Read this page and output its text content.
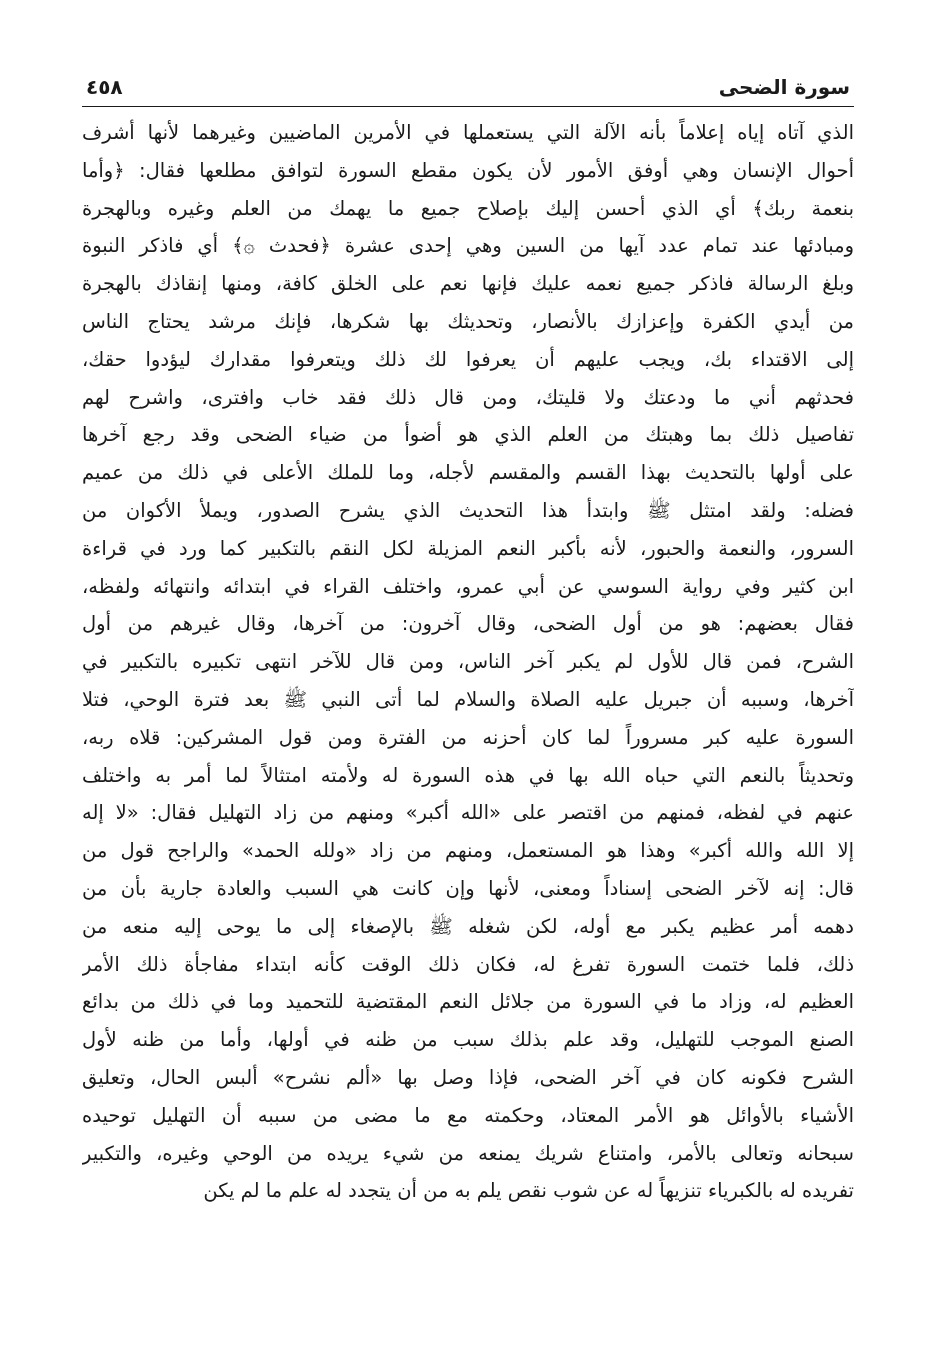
سورة الضحى
٤٥٨
الذي آتاه إياه إعلاماً بأنه الآلة التي يستعملها في الأمرين الماضيين وغيرهما لأنها أشرف
أحوال الإنسان وهي أوفق الأمور لأن يكون مقطع السورة لتوافق مطلعها فقال: ﴿وأما
بنعمة ربك﴾ أي الذي أحسن إليك بإصلاح جميع ما يهمك من العلم وغيره وبالهجرة
ومبادئها عند تمام عدد آيها من السين وهي إحدى عشرة ﴿فحدث ۞﴾ أي فاذكر النبوة
وبلغ الرسالة فاذكر جميع نعمه عليك فإنها نعم على الخلق كافة، ومنها إنقاذك بالهجرة
من أيدي الكفرة وإعزازك بالأنصار، وتحديثك بها شكرها، فإنك مرشد يحتاج الناس
إلى الاقتداء بك، ويجب عليهم أن يعرفوا لك ذلك ويتعرفوا مقدارك ليؤدوا حقك،
فحدثهم أني ما ودعتك ولا قليتك، ومن قال ذلك فقد خاب وافترى، واشرح لهم
تفاصيل ذلك بما وهبتك من العلم الذي هو أضوأ من ضياء الضحى وقد رجع آخرها
على أولها بالتحديث بهذا القسم والمقسم لأجله، وما للملك الأعلى في ذلك من عميم
فضله: ولقد امتثل ﷺ وابتدأ هذا التحديث الذي يشرح الصدور، ويملأ الأكوان من
السرور، والنعمة والحبور، لأنه بأكبر النعم المزيلة لكل النقم بالتكبير كما ورد في قراءة
ابن كثير وفي رواية السوسي عن أبي عمرو، واختلف القراء في ابتدائه وانتهائه ولفظه،
فقال بعضهم: هو من أول الضحى، وقال آخرون: من آخرها، وقال غيرهم من أول
الشرح، فمن قال للأول لم يكبر آخر الناس، ومن قال للآخر انتهى تكبيره بالتكبير في
آخرها، وسببه أن جبريل عليه الصلاة والسلام لما أتى النبي ﷺ بعد فترة الوحي، فتلا
السورة عليه كبر مسروراً لما كان أحزنه من الفترة ومن قول المشركين: قلاه ربه،
وتحديثاً بالنعم التي حباه الله بها في هذه السورة له ولأمته امتثالاً لما أمر به واختلف
عنهم في لفظه، فمنهم من اقتصر على «الله أكبر» ومنهم من زاد التهليل فقال: «لا إله
إلا الله والله أكبر» وهذا هو المستعمل، ومنهم من زاد «ولله الحمد» والراجح قول من
قال: إنه لآخر الضحى إسناداً ومعنى، لأنها وإن كانت هي السبب والعادة جارية بأن من
دهمه أمر عظيم يكبر مع أوله، لكن شغله ﷺ بالإصغاء إلى ما يوحى إليه منعه من
ذلك، فلما ختمت السورة تفرغ له، فكان ذلك الوقت كأنه ابتداء مفاجأة ذلك الأمر
العظيم له، وزاد ما في السورة من جلائل النعم المقتضية للتحميد وما في ذلك من بدائع
الصنع الموجب للتهليل، وقد علم بذلك سبب من ظنه في أولها، وأما من ظنه لأول
الشرح فكونه كان في آخر الضحى، فإذا وصل بها «ألم نشرح» ألبس الحال، وتعليق
الأشياء بالأوائل هو الأمر المعتاد، وحكمته مع ما مضى من سببه أن التهليل توحيده
سبحانه وتعالى بالأمر، وامتناع شريك يمنعه من شيء يريده من الوحي وغيره، والتكبير
تفريده له بالكبرياء تنزيهاً له عن شوب نقص يلم به من أن يتجدد له علم ما لم يكن
